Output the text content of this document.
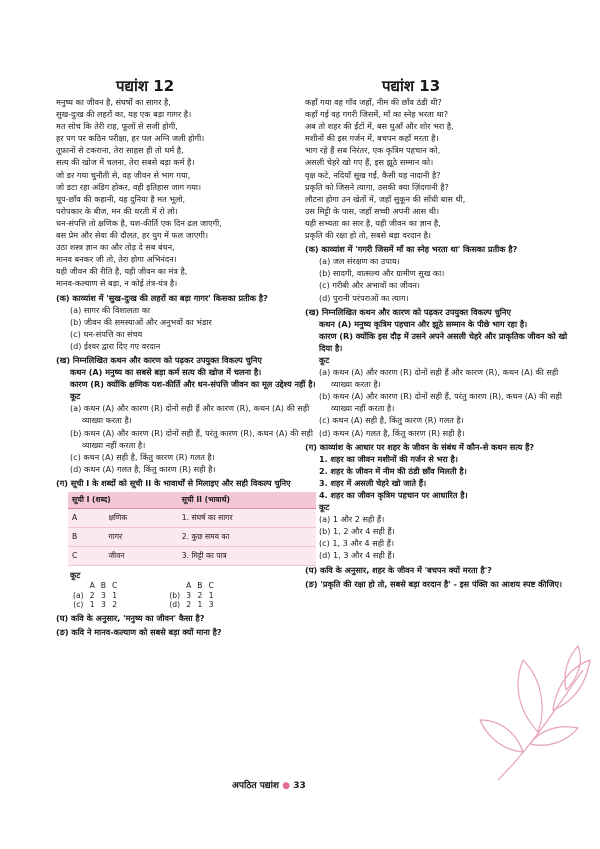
पद्यांश 12	पद्यांश 13
मनुष्य का जीवन है, संघर्षों का सागर है,
सुख-दुःख की लहरों का, यह एक बड़ा गागर है।
मत सोच कि तेरी राह, फूलों से सजी होगी,
हर पग पर कठिन परीक्षा, हर पल अग्नि जली होगी।
तूफ़ानों से टकराना, तेरा साहस ही तो धर्म है,
सत्य की खोज में चलना, तेरा सबसे बड़ा कर्म है।
जो डर गया चुनौती से, वह जीवन से भाग गया,
जो डटा रहा अडिग होकर, वही इतिहास जाग गया।
धूप-छाँव की कहानी, यह दुनिया है मत भूलो,
परोपकार के बीज, मन की धरती में रो लो।
धन-संपत्ति तो क्षणिक है, यश-कीर्ति एक दिन ढल जाएगी,
बस प्रेम और सेवा की दौलत, हर युग में फल जाएगी।
उठा शस्त्र ज्ञान का और तोड़ दे सब बंधन,
मानव बनकर जी तो, तेरा होगा अभिनंदन।
यही जीवन की रीति है, यही जीवन का मंत्र है,
मानव-कल्याण से बड़ा, न कोई तंत्र-यंत्र है।
(क) काव्यांश में 'सुख-दुःख की लहरों का बड़ा गागर' किसका प्रतीक है?
(a) सागर की विशालता का
(b) जीवन की समस्याओं और अनुभवों का भंडार
(c) धन-संपत्ति का संचय
(d) ईश्वर द्वारा दिए गए वरदान
(ख) निम्नलिखित कथन और कारण को पढ़कर उपयुक्त विकल्प चुनिए
कथन (A) मनुष्य का सबसे बड़ा कर्म सत्य की खोज में चलना है।
कारण (R) क्योंकि क्षणिक यश-कीर्ति और धन-संपत्ति जीवन का मूल उद्देश्य नहीं है।
कूट
(a) कथन (A) और कारण (R) दोनों सही हैं और कारण (R), कथन (A) की सही व्याख्या करता है।
(b) कथन (A) और कारण (R) दोनों सही हैं, परंतु कारण (R), कथन (A) की सही व्याख्या नहीं करता है।
(c) कथन (A) सही है, किंतु कारण (R) गलत है।
(d) कथन (A) गलत है, किंतु कारण (R) सही है।
(ग) सूची I के शब्दों को सूची II के भावार्थों से मिलाइए और सही विकल्प चुनिए
सूची I (शब्द)		सूची II (भावार्थ)
A	क्षणिक	1. संघर्ष का सागर
B	गागर	2. कुछ समय का
C	जीवन	3. मिट्टी का पात्र
कूट
	A	B	C			A	B	C
(a)	2	3	1		(b)	3	2	1
(c)	1	3	2		(d)	2	1	3
(घ) कवि के अनुसार, 'मनुष्य का जीवन' कैसा है?
(ङ) कवि ने मानव-कल्याण को सबसे बड़ा क्यों माना है?
कहाँ गया वह गाँव जहाँ, नीम की छाँव ठंडी थी?
कहाँ गई वह गगरी जिसमें, माँ का स्नेह भरता था?
अब तो शहर की ईंटों में, बस धुआँ और शोर भरा है,
मशीनों की इस गर्जन में, बचपन कहाँ मरता है।
भाग रहे हैं सब निरंतर, एक कृत्रिम पहचान को,
असली चेहरे खो गए हैं, इस झूठे सम्मान को।
वृक्ष कटे, नदियाँ सूख गईं, कैसी यह नादानी है?
प्रकृति को जिसने त्यागा, उसकी क्या ज़िंदगानी है?
लौटना होगा उन खेतों में, जहाँ सुकून की सोंधी बास थी,
उस मिट्टी के पास, जहाँ सच्ची अपनी आस थी।
यही सभ्यता का सार है, यही जीवन का ज्ञान है,
प्रकृति की रक्षा हो तो, सबसे बड़ा वरदान है।
(क) काव्यांश में 'गगरी जिसमें माँ का स्नेह भरता था' किसका प्रतीक है?
(a) जल संरक्षण का उपाय।
(b) सादगी, वात्सल्य और ग्रामीण सुख का।
(c) गरीबी और अभावों का जीवन।
(d) पुरानी परंपराओं का त्याग।
(ख) निम्नलिखित कथन और कारण को पढ़कर उपयुक्त विकल्प चुनिए
कथन (A) मनुष्य कृत्रिम पहचान और झूठे सम्मान के पीछे भाग रहा है।
कारण (R) क्योंकि इस दौड़ में उसने अपने असली चेहरे और प्राकृतिक जीवन को खो दिया है।
कूट
(a) कथन (A) और कारण (R) दोनों सही हैं और कारण (R), कथन (A) की सही व्याख्या करता है।
(b) कथन (A) और कारण (R) दोनों सही हैं, परंतु कारण (R), कथन (A) की सही व्याख्या नहीं करता है।
(c) कथन (A) सही है, किंतु कारण (R) गलत है।
(d) कथन (A) गलत है, किंतु कारण (R) सही है।
(ग) काव्यांश के आधार पर शहर के जीवन के संबंध में कौन-से कथन सत्य हैं?
1. शहर का जीवन मशीनों की गर्जन से भरा है।
2. शहर के जीवन में नीम की ठंडी छाँव मिलती है।
3. शहर में असली चेहरे खो जाते हैं।
4. शहर का जीवन कृत्रिम पहचान पर आधारित है।
कूट
(a) 1 और 2 सही हैं।
(b) 1, 2 और 4 सही हैं।
(c) 1, 3 और 4 सही हैं।
(d) 1, 3 और 4 सही हैं।
(घ) कवि के अनुसार, शहर के जीवन में 'बचपन क्यों मरता है'?
(ङ) 'प्रकृति की रक्षा हो तो, सबसे बड़ा वरदान है' - इस पंक्ति का आशय स्पष्ट कीजिए।
अपठित पद्यांश ● 33
